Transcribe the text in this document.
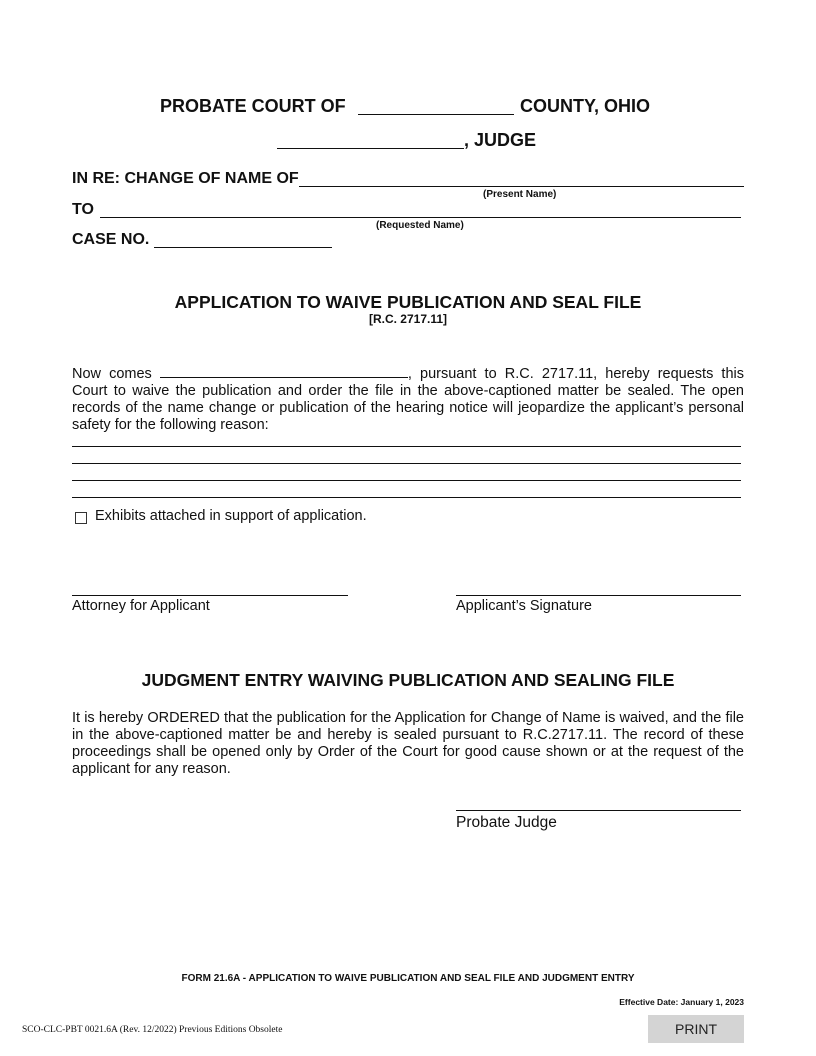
PROBATE COURT OF	COUNTY, OHIO
, JUDGE
IN RE: CHANGE OF NAME OF
(Present Name)
TO
(Requested Name)
CASE NO.
APPLICATION TO WAIVE PUBLICATION AND SEAL FILE
[R.C. 2717.11]
Now comes	, pursuant to R.C. 2717.11, hereby requests this Court to waive the publication and order the file in the above-captioned matter be sealed. The open records of the name change or publication of the hearing notice will jeopardize the applicant’s personal safety for the following reason:
Exhibits attached in support of application.
Attorney for Applicant	Applicant’s Signature
JUDGMENT ENTRY WAIVING PUBLICATION AND SEALING FILE
It is hereby ORDERED that the publication for the Application for Change of Name is waived, and the file in the above-captioned matter be and hereby is sealed pursuant to R.C.2717.11. The record of these proceedings shall be opened only by Order of the Court for good cause shown or at the request of the applicant for any reason.
Probate Judge
FORM 21.6A - APPLICATION TO WAIVE PUBLICATION AND SEAL FILE AND JUDGMENT ENTRY
Effective Date: January 1, 2023
SCO-CLC-PBT 0021.6A (Rev. 12/2022) Previous Editions Obsolete	PRINT
